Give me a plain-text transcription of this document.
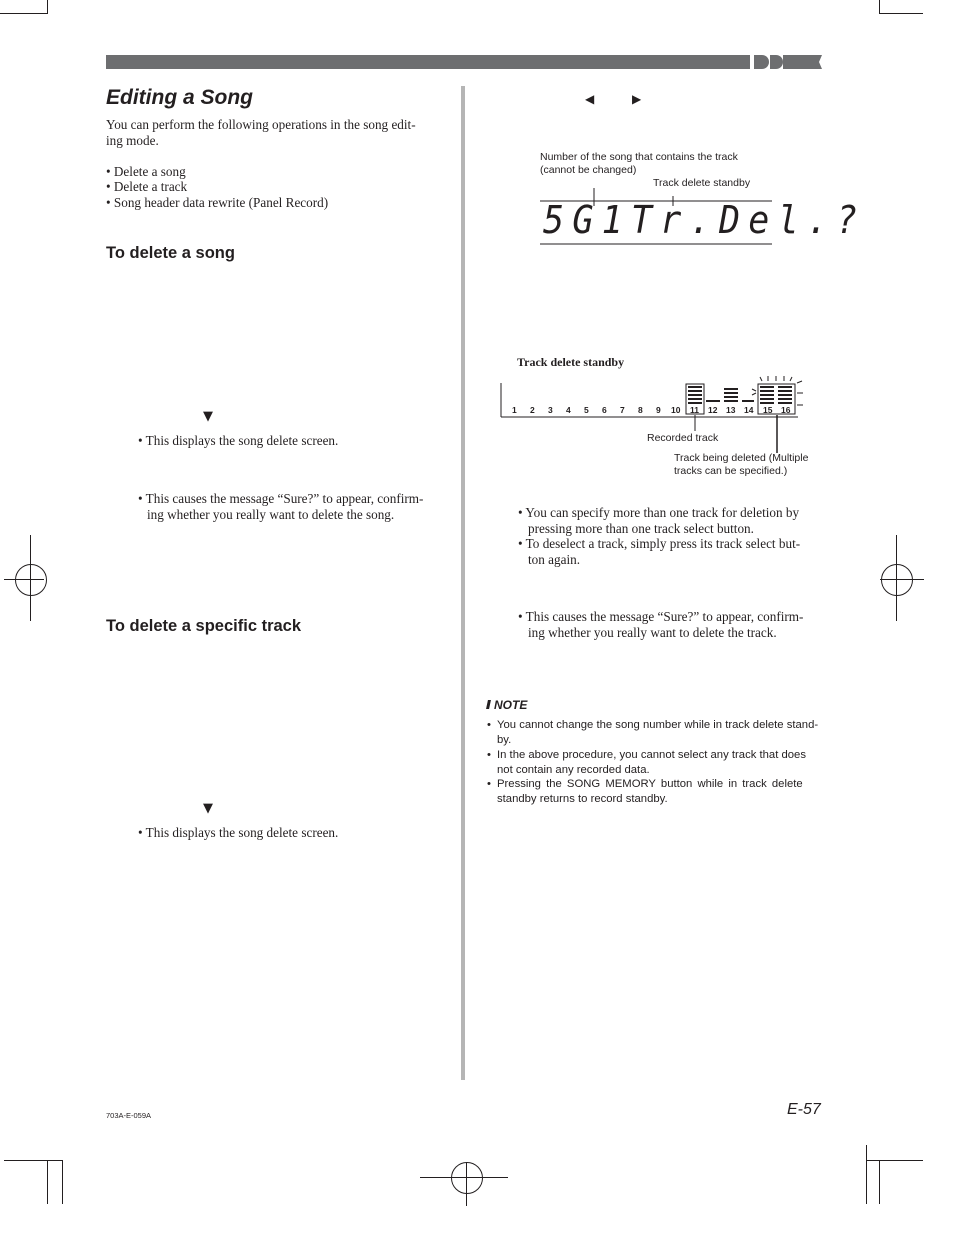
Editing a Song
You can perform the following operations in the song edit-
ing mode.
• Delete a song
• Delete a track
• Song header data rewrite (Panel Record)
To delete a song
▼
• This displays the song delete screen.
• This causes the message “Sure?” to appear, confirm-
ing whether you really want to delete the song.
To delete a specific track
▼
• This displays the song delete screen.
◀	▶
Number of the song that contains the track
(cannot be changed)
Track delete standby
5G1Tr.Del.?
Track delete standby
1 2 3 4 5 6 7 8 9 10 11 12 13 14 15 16
Recorded track
Track being deleted (Multiple
tracks can be specified.)
• You can specify more than one track for deletion by
pressing more than one track select button.
• To deselect a track, simply press its track select but-
ton again.
• This causes the message “Sure?” to appear, confirm-
ing whether you really want to delete the track.
NOTE
• You cannot change the song number while in track delete stand-
by.
• In the above procedure, you cannot select any track that does
not contain any recorded data.
• Pressing the SONG MEMORY button while in track delete
standby returns to record standby.
E-57
703A-E-059A
